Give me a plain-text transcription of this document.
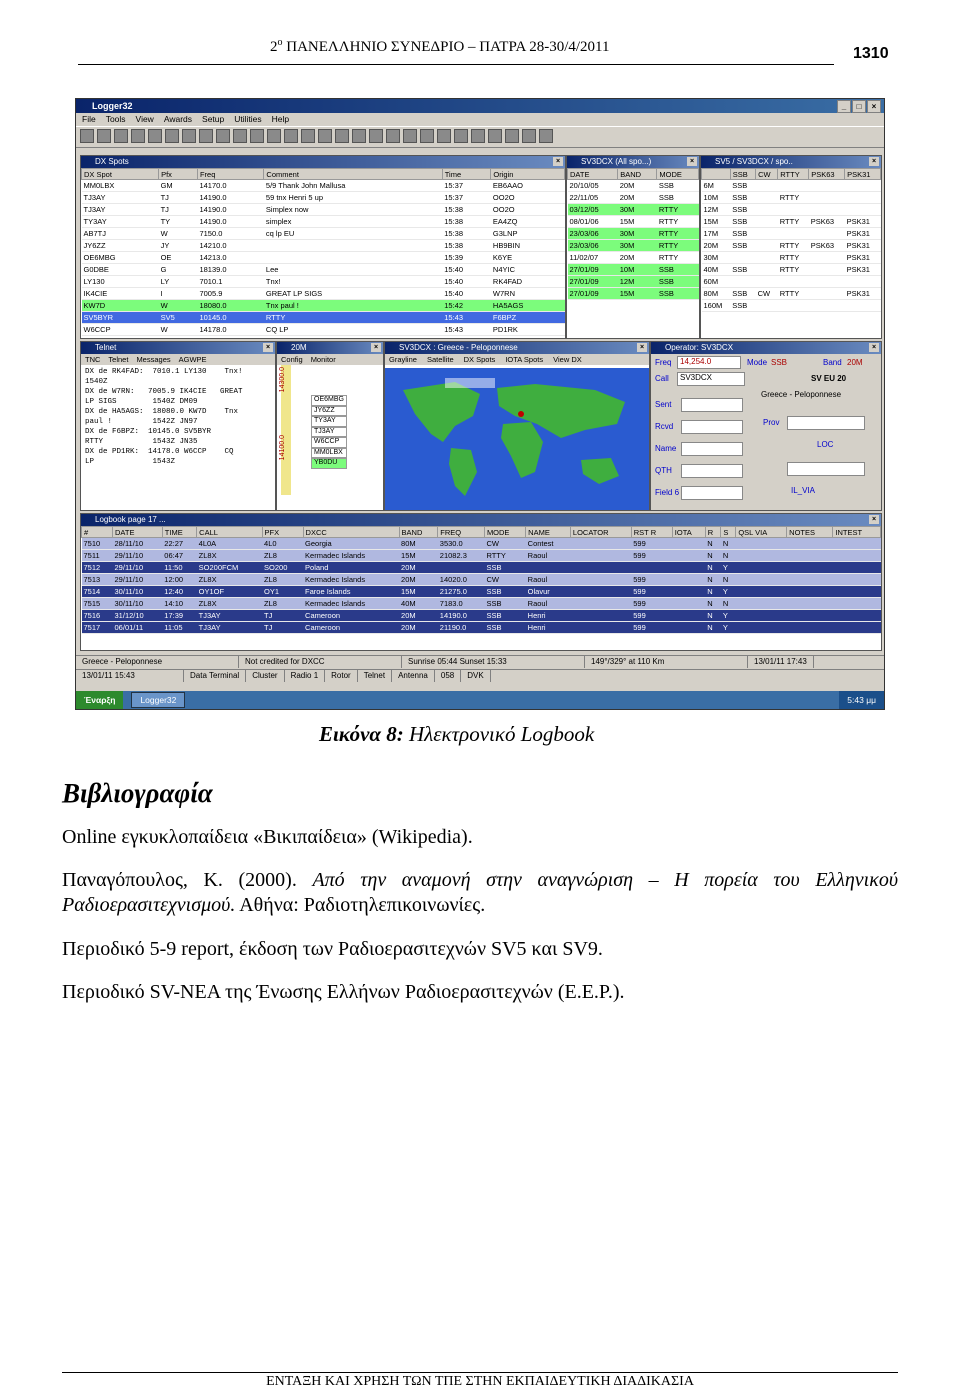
$2^o$ ΠΑΝΕΛΛΗΝΙΟ ΣΥΝΕΔΡΙΟ – ΠΑΤΡΑ 28-30/4/2011	1310
Logger32	_	□	×
File Tools View Awards Setup Utilities Help
DX Spots	×
DX Spot	Pfx	Freq	Comment	Time	Origin
MM0LBX	GM	14170.0	5/9 Thank John Mallusa	15:37	EB6AAO
TJ3AY	TJ	14190.0	59 tnx Henri 5 up	15:37	OO2O
TJ3AY	TJ	14190.0	Simplex now	15:38	OO2O
TY3AY	TY	14190.0	simplex	15:38	EA4ZQ
AB7TJ	W	7150.0	cq lp EU	15:38	G3LNP
JY6ZZ	JY	14210.0		15:38	HB9BIN
OE6MBG	OE	14213.0		15:39	K6YE
G0DBE	G	18139.0	Lee	15:40	N4YIC
LY130	LY	7010.1	Tnx!	15:40	RK4FAD
IK4CIE	I	7005.9	GREAT LP SIGS	15:40	W7RN
KW7D	W	18080.0	Tnx paul !	15:42	HA5AGS
SV5BYR	SV5	10145.0	RTTY	15:43	F6BPZ
W6CCP	W	14178.0	CQ LP	15:43	PD1RK
SV3DCX (All spo...)	×
DATE	BAND	MODE
20/10/05	20M	SSB
22/11/05	20M	SSB
03/12/05	30M	RTTY
08/01/06	15M	RTTY
23/03/06	30M	RTTY
23/03/06	30M	RTTY
11/02/07	20M	RTTY
27/01/09	10M	SSB
27/01/09	12M	SSB
27/01/09	15M	SSB
SV5 / SV3DCX / spo..	×
	SSB	CW	RTTY	PSK63	PSK31
6M	SSB				
10M	SSB		RTTY		
12M	SSB				
15M	SSB		RTTY	PSK63	PSK31
17M	SSB				PSK31
20M	SSB		RTTY	PSK63	PSK31
30M			RTTY		PSK31
40M	SSB		RTTY		PSK31
60M					
80M	SSB	CW	RTTY		PSK31
160M	SSB				
Telnet	×
TNC Telnet Messages AGWPE
DX de RK4FAD:  7010.1 LY130    Tnx!
1540Z
DX de W7RN:   7005.9 IK4CIE   GREAT
LP SIGS        1540Z DM09
DX de HA5AGS:  18080.0 KW7D    Tnx
paul !         1542Z JN97
DX de F6BPZ:  10145.0 SV5BYR
RTTY           1543Z JN35
DX de PD1RK:  14178.0 W6CCP    CQ
LP             1543Z
20M	×
Config Monitor
14300.0
14100.0
OE6MBG
JY6ZZ
TY3AY
TJ3AY
W6CCP
MM0LBX
YB0DU
SV3DCX : Greece - Peloponnese	×
Grayline Satellite DX Spots IOTA Spots View DX
Operator: SV3DCX	×
Freq	14,254.0	Mode SSB	Band 20M
Call	SV3DCX	SV EU 20
Greece - Peloponnese
Sent
Rcvd
Name
QTH
Field 6
Prov
LOC
IL_VIA
Logbook page 17 ...	×
#	DATE	TIME	CALL	PFX	DXCC	BAND	FREQ	MODE	NAME	LOCATOR	RST R	IOTA	R	S	QSL VIA	NOTES	INTEST
7510	28/11/10	22:27	4L0A	4L0	Georgia	80M	3530.0	CW	Contest		599		N	N			
7511	29/11/10	06:47	ZL8X	ZL8	Kermadec Islands	15M	21082.3	RTTY	Raoul		599		N	N			
7512	29/11/10	11:50	SO200FCM	SO200	Poland	20M		SSB					N	Y			
7513	29/11/10	12:00	ZL8X	ZL8	Kermadec Islands	20M	14020.0	CW	Raoul		599		N	N			
7514	30/11/10	12:40	OY1OF	OY1	Faroe Islands	15M	21275.0	SSB	Olavur		599		N	Y			
7515	30/11/10	14:10	ZL8X	ZL8	Kermadec Islands	40M	7183.0	SSB	Raoul		599		N	N			
7516	31/12/10	17:39	TJ3AY	TJ	Cameroon	20M	14190.0	SSB	Henri		599		N	Y			
7517	06/01/11	11:05	TJ3AY	TJ	Cameroon	20M	21190.0	SSB	Henri		599		N	Y			
Greece - Peloponnese	Not credited for DXCC	Sunrise 05:44 Sunset 15:33	149°/329° at 110 Km	13/01/11 17:43
13/01/11 15:43	Data Terminal	Cluster	Radio 1	Rotor	Telnet	Antenna	058	DVK
Έναρξη	Logger32	5:43 μμ
Εικόνα 8: Ηλεκτρονικό Logbook
Βιβλιογραφία
Online εγκυκλοπαίδεια «Βικιπαίδεια» (Wikipedia).
Παναγόπουλος, Κ. (2000). Από την αναμονή στην αναγνώριση – Η πορεία του Ελληνικού Ραδιοερασιτεχνισμού. Αθήνα: Ραδιοτηλεπικοινωνίες.
Περιοδικό 5-9 report, έκδοση των Ραδιοερασιτεχνών SV5 και SV9.
Περιοδικό SV-NEA της Ένωσης Ελλήνων Ραδιοερασιτεχνών (Ε.Ε.Ρ.).
ΕΝΤΑΞΗ ΚΑΙ ΧΡΗΣΗ ΤΩΝ ΤΠΕ ΣΤΗΝ ΕΚΠΑΙΔΕΥΤΙΚΗ ΔΙΑΔΙΚΑΣΙΑ
